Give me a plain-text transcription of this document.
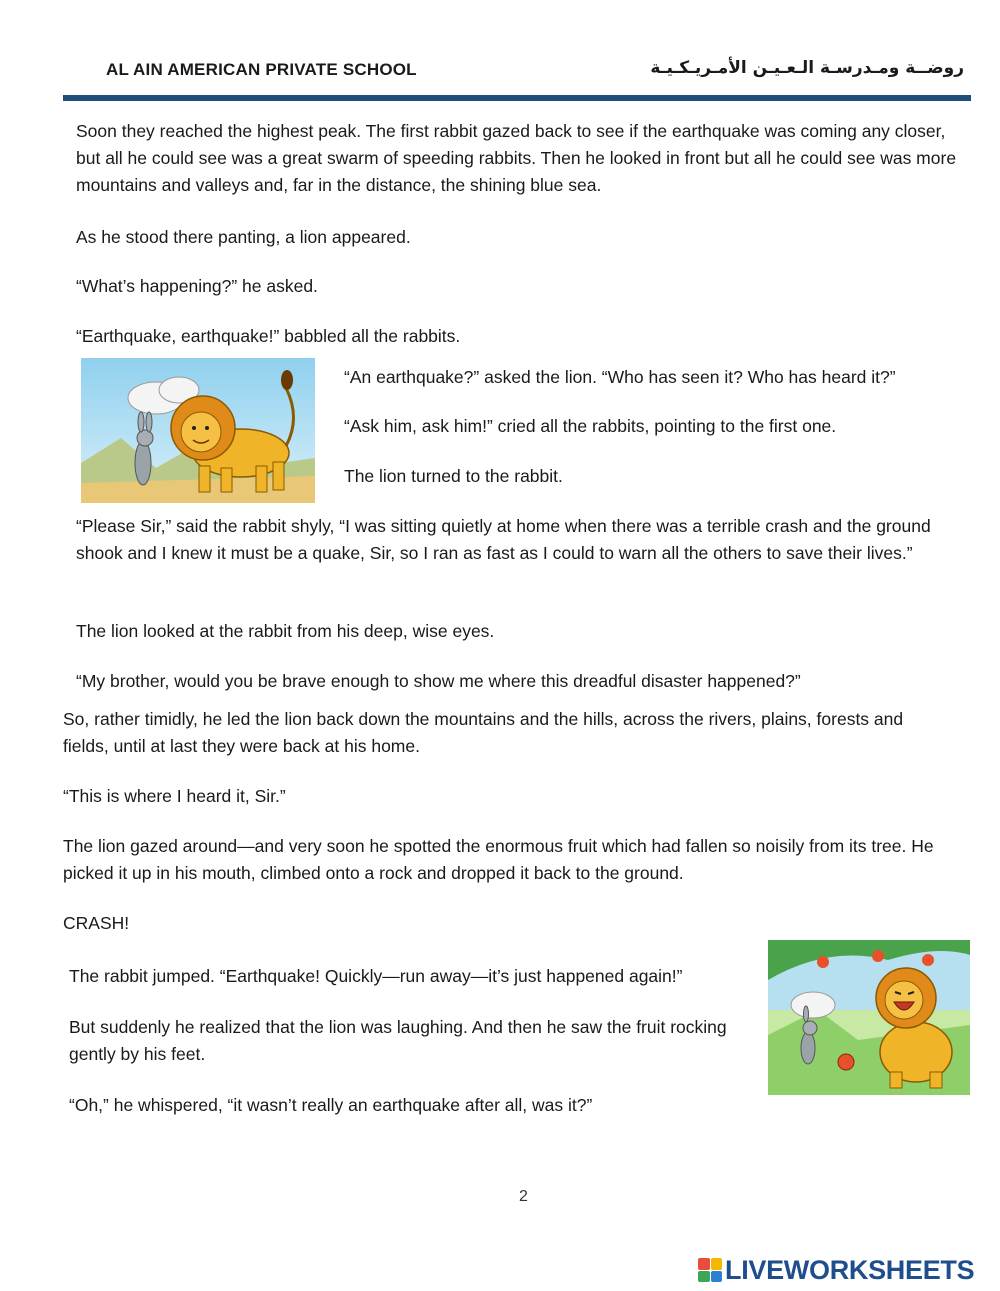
AL AIN AMERICAN PRIVATE SCHOOL	روضــة ومـدرسـة الـعـيـن الأمـريـكـيـة

Soon they reached the highest peak. The first rabbit gazed back to see if the earthquake was coming any closer, but all he could see was a great swarm of speeding rabbits. Then he looked in front but all he could see was more mountains and valleys and, far in the distance, the shining blue sea.

As he stood there panting, a lion appeared.

“What’s happening?” he asked.

“Earthquake, earthquake!” babbled all the rabbits.

“An earthquake?” asked the lion. “Who has seen it? Who has heard it?”

“Ask him, ask him!” cried all the rabbits, pointing to the first one.

The lion turned to the rabbit.

“Please Sir,” said the rabbit shyly, “I was sitting quietly at home when there was a terrible crash and the ground shook and I knew it must be a quake, Sir, so I ran as fast as I could to warn all the others to save their lives.”

The lion looked at the rabbit from his deep, wise eyes.

“My brother, would you be brave enough to show me where this dreadful disaster happened?”

So, rather timidly, he led the lion back down the mountains and the hills, across the rivers, plains, forests and fields, until at last they were back at his home.

“This is where I heard it, Sir.”

The lion gazed around—and very soon he spotted the enormous fruit which had fallen so noisily from its tree. He picked it up in his mouth, climbed onto a rock and dropped it back to the ground.

CRASH!

The rabbit jumped. “Earthquake! Quickly—run away—it’s just happened again!”

But suddenly he realized that the lion was laughing. And then he saw the fruit rocking gently by his feet.

“Oh,” he whispered, “it wasn’t really an earthquake after all, was it?”

2
LIVEWORKSHEETS
